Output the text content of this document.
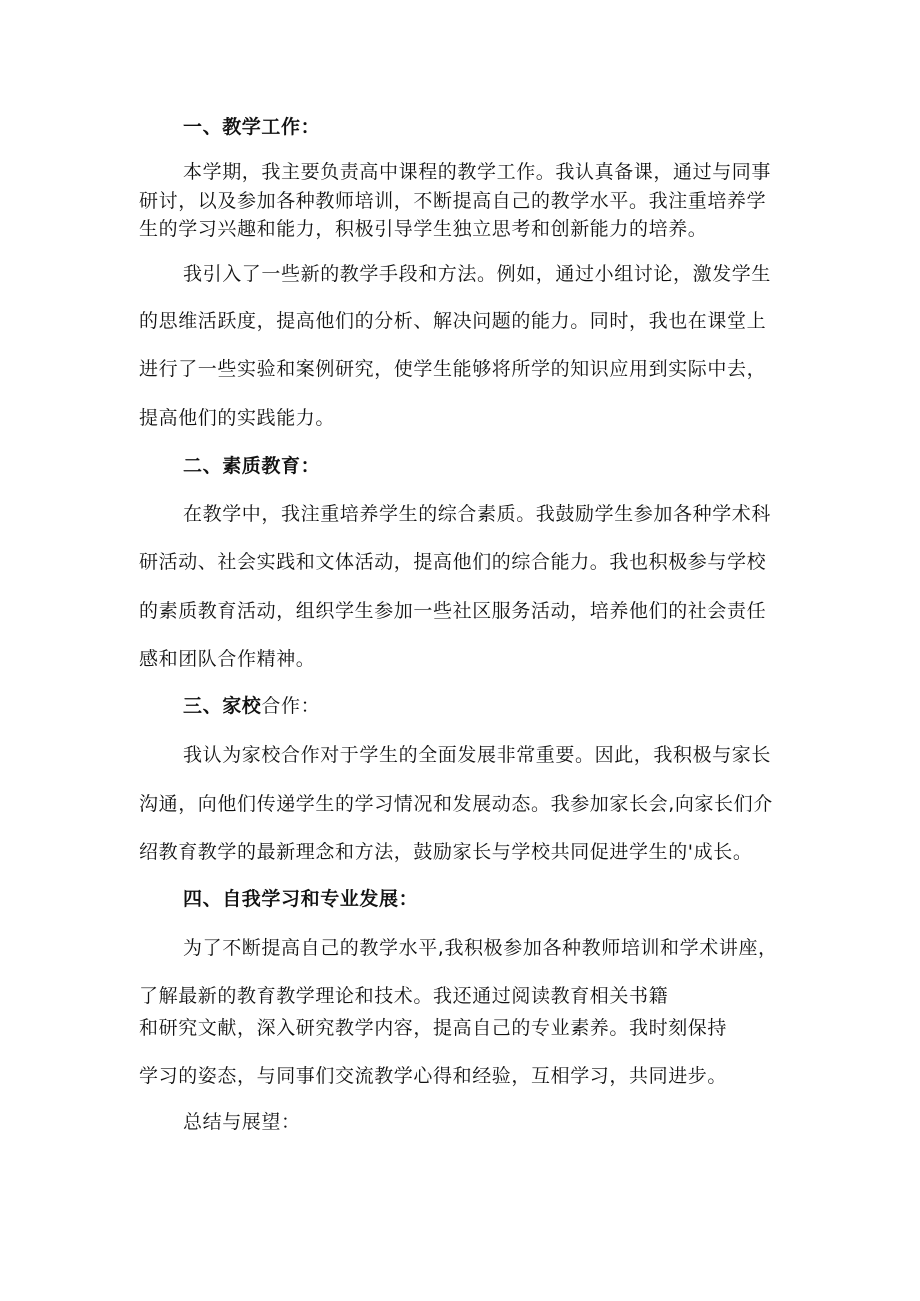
一、教学工作：
本学期，我主要负责高中课程的教学工作。我认真备课，通过与同事
研讨，以及参加各种教师培训，不断提高自己的教学水平。我注重培养学
生的学习兴趣和能力，积极引导学生独立思考和创新能力的培养。
我引入了一些新的教学手段和方法。例如，通过小组讨论，激发学生
的思维活跃度，提高他们的分析、解决问题的能力。同时，我也在课堂上
进行了一些实验和案例研究，使学生能够将所学的知识应用到实际中去，
提高他们的实践能力。
二、素质教育：
在教学中，我注重培养学生的综合素质。我鼓励学生参加各种学术科
研活动、社会实践和文体活动，提高他们的综合能力。我也积极参与学校
的素质教育活动，组织学生参加一些社区服务活动，培养他们的社会责任
感和团队合作精神。
三、家校合作：
我认为家校合作对于学生的全面发展非常重要。因此，我积极与家长
沟通，向他们传递学生的学习情况和发展动态。我参加家长会,向家长们介
绍教育教学的最新理念和方法，鼓励家长与学校共同促进学生的'成长。
四、自我学习和专业发展：
为了不断提高自己的教学水平,我积极参加各种教师培训和学术讲座，
了解最新的教育教学理论和技术。我还通过阅读教育相关书籍
和研究文献，深入研究教学内容，提高自己的专业素养。我时刻保持
学习的姿态，与同事们交流教学心得和经验，互相学习，共同进步。
总结与展望：
